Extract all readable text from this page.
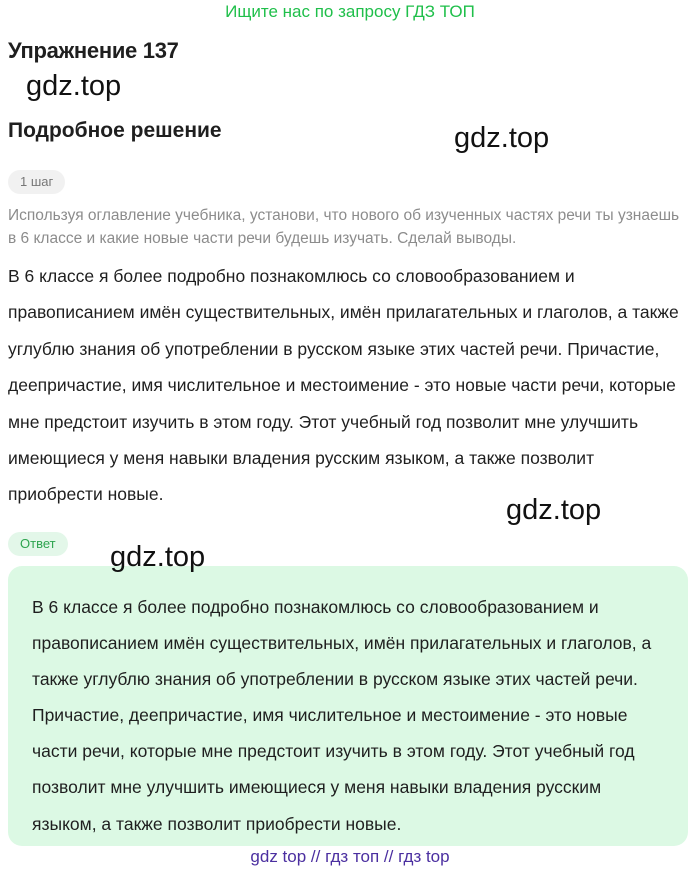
Ищите нас по запросу ГДЗ ТОП
Упражнение 137
gdz.top
Подробное решение	gdz.top
1 шаг

Используя оглавление учебника, установи, что нового об изученных частях речи ты узнаешь в 6 классе и какие новые части речи будешь изучать. Сделай выводы.

В 6 классе я более подробно познакомлюсь со словообразованием и правописанием имён существительных, имён прилагательных и глаголов, а также углублю знания об употреблении в русском языке этих частей речи. Причастие, деепричастие, имя числительное и местоимение - это новые части речи, которые мне предстоит изучить в этом году. Этот учебный год позволит мне улучшить имеющиеся у меня навыки владения русским языком, а также позволит приобрести новые.	gdz.top
Ответ

В 6 классе я более подробно познакомлюсь со словообразованием и правописанием имён существительных, имён прилагательных и глаголов, а также углублю знания об употреблении в русском языке этих частей речи. Причастие, деепричастие, имя числительное и местоимение - это новые части речи, которые мне предстоит изучить в этом году. Этот учебный год позволит мне улучшить имеющиеся у меня навыки владения русским языком, а также позволит приобрести новые.

gdz.top
gdz top // гдз топ // гдз top
